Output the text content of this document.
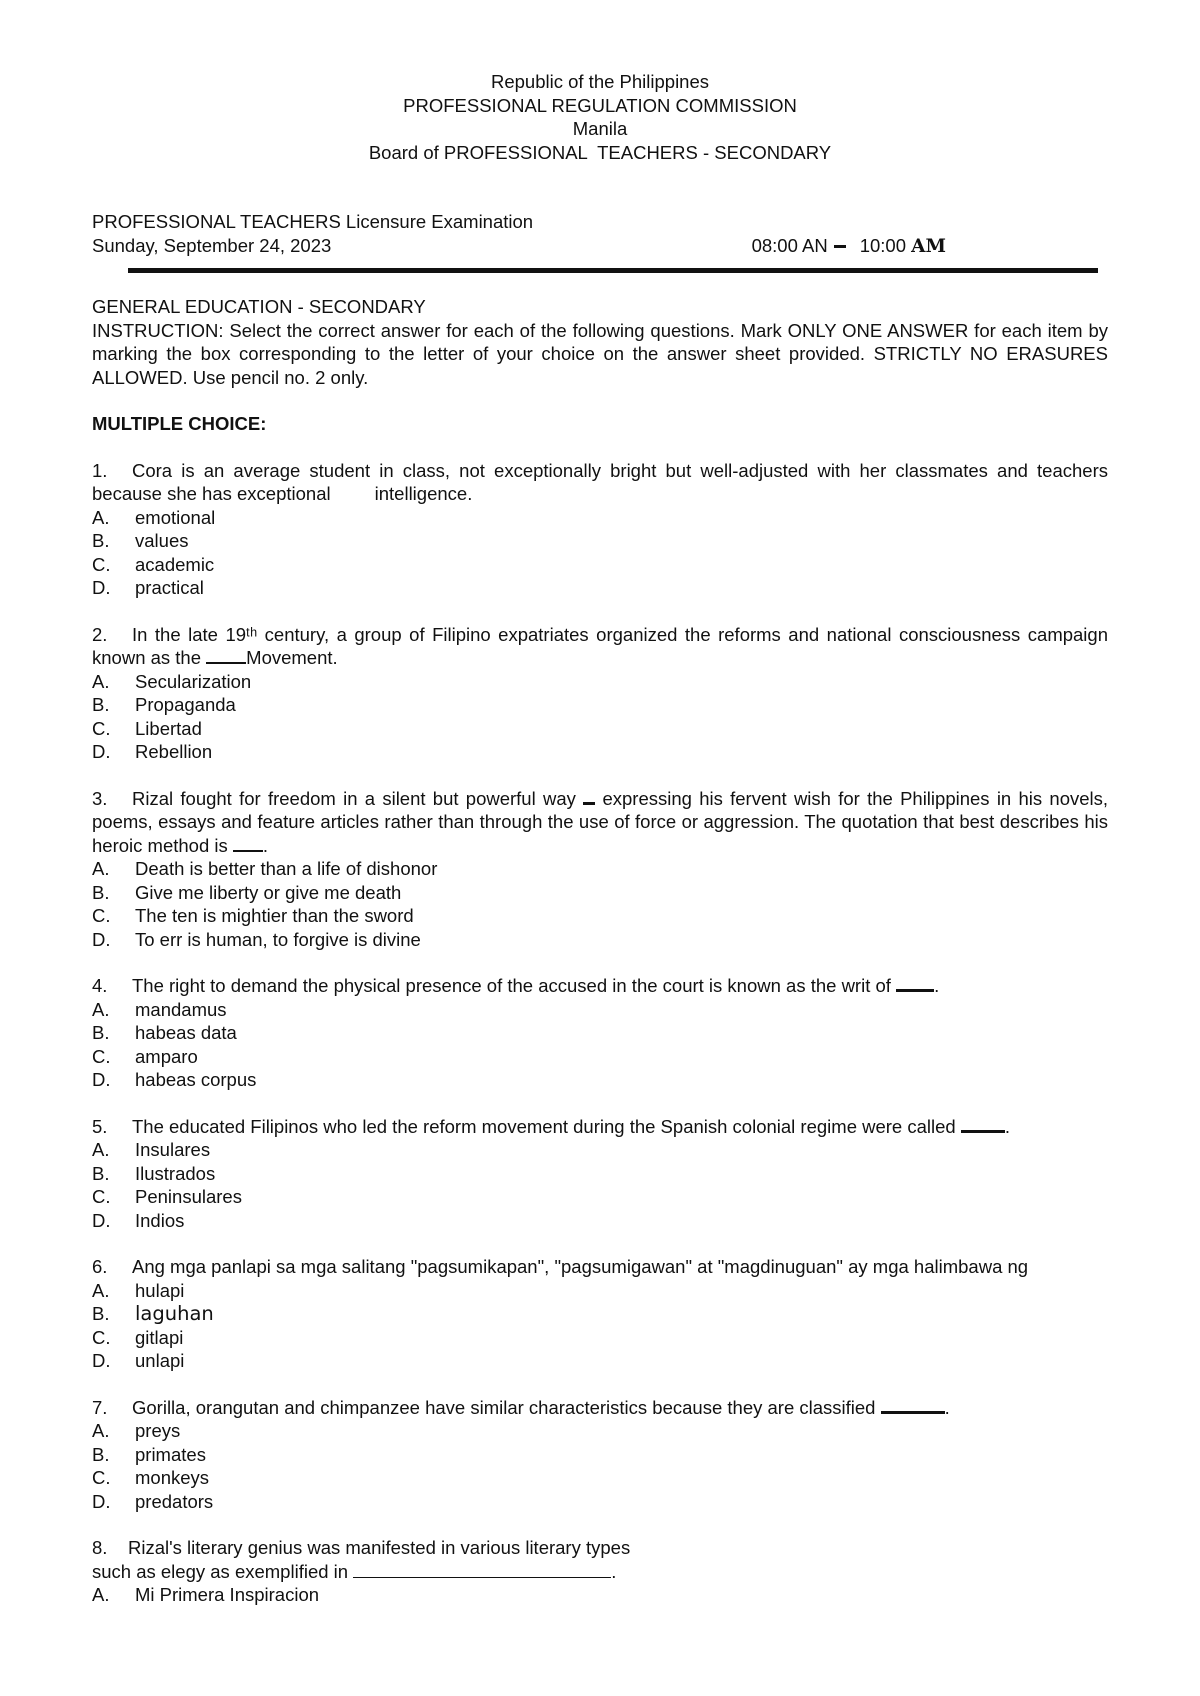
Republic of the Philippines
PROFESSIONAL REGULATION COMMISSION
Manila
Board of PROFESSIONAL  TEACHERS - SECONDARY
PROFESSIONAL TEACHERS Licensure Examination
Sunday, September 24, 2023	08:00 AN 10:00 AM
GENERAL EDUCATION - SECONDARY
INSTRUCTION: Select the correct answer for each of the following questions. Mark ONLY ONE ANSWER for each item by marking the box corresponding to the letter of your choice on the answer sheet provided. STRICTLY NO ERASURES ALLOWED. Use pencil no. 2 only.
MULTIPLE CHOICE:
1. Cora is an average student in class, not exceptionally bright but well-adjusted with her classmates and teachers because she has exceptional intelligence.
A.	emotional
B.	values
C.	academic
D.	practical
2. In the late 19ᵗʰ century, a group of Filipino expatriates organized the reforms and national consciousness campaign known as the Movement.
A.	Secularization
B.	Propaganda
C.	Libertad
D.	Rebellion
3. Rizal fought for freedom in a silent but powerful way expressing his fervent wish for the Philippines in his novels, poems, essays and feature articles rather than through the use of force or aggression. The quotation that best describes his heroic method is .
A.	Death is better than a life of dishonor
B.	Give me liberty or give me death
C.	The ten is mightier than the sword
D.	To err is human, to forgive is divine
4. The right to demand the physical presence of the accused in the court is known as the writ of .
A.	mandamus
B.	habeas data
C.	amparo
D.	habeas corpus
5. The educated Filipinos who led the reform movement during the Spanish colonial regime were called	.
A.	Insulares
B.	Ilustrados
C.	Peninsulares
D.	Indios
6. Ang mga panlapi sa mga salitang "pagsumikapan", "pagsumigawan" at "magdinuguan" ay mga halimbawa ng
A.	hulapi
B.	laguhan
C.	gitlapi
D.	unlapi
7. Gorilla, orangutan and chimpanzee have similar characteristics because they are classified	.
A.	preys
B.	primates
C.	monkeys
D.	predators
8. Rizal's literary genius was manifested in various literary types
such as elegy as exemplified in	.
A.	Mi Primera Inspiracion
